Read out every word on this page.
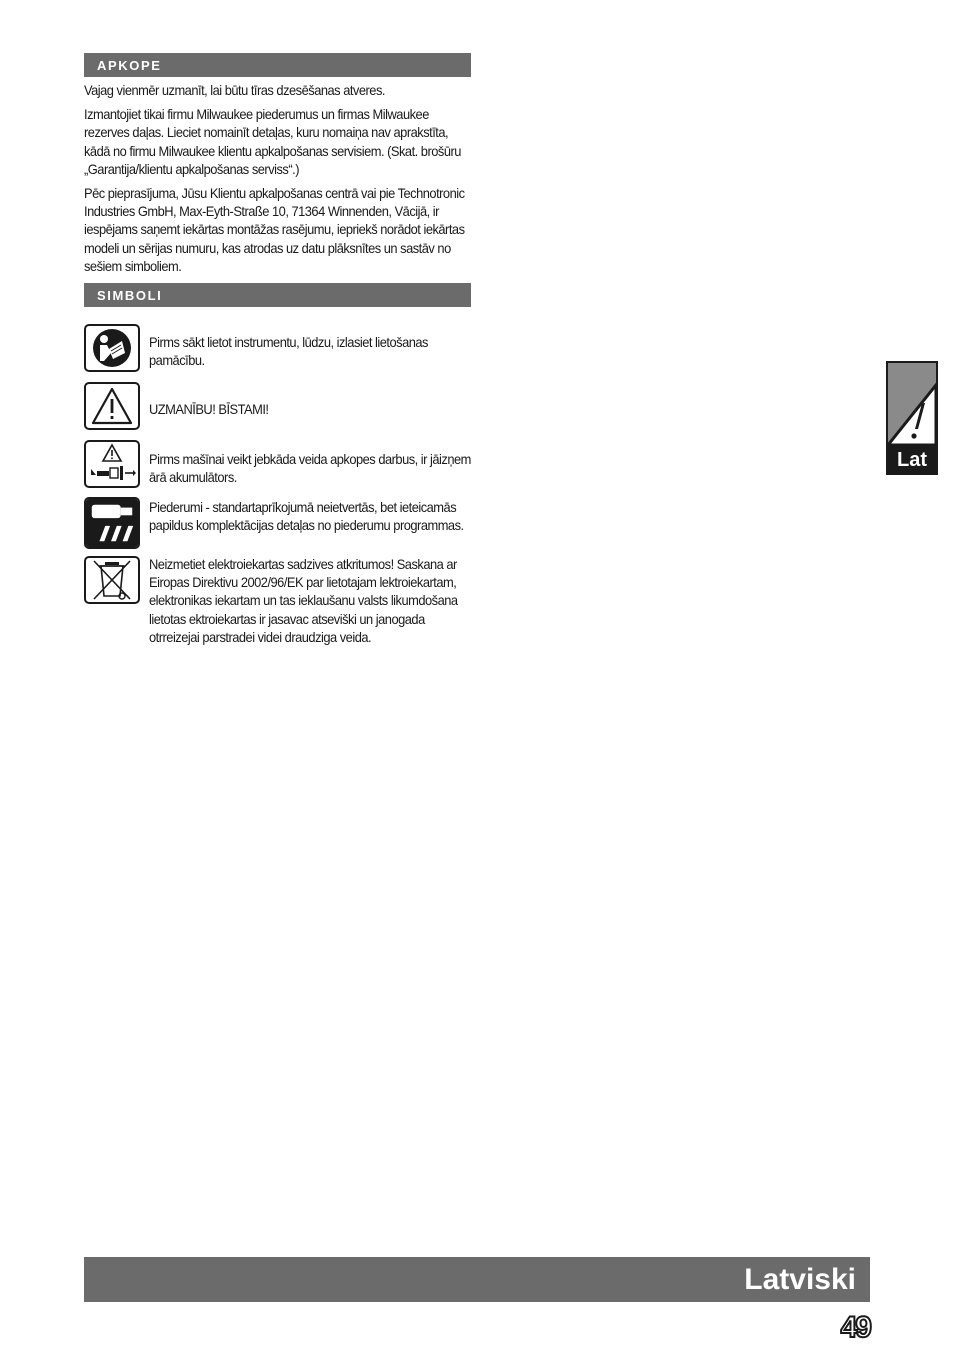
APKOPE

Vajag vienmēr uzmanīt, lai būtu tīras dzesēšanas atveres.

Izmantojiet tikai firmu Milwaukee piederumus un firmas Milwaukee rezerves daļas. Lieciet nomainīt detaļas, kuru nomaiņa nav aprakstīta, kādā no firmu Milwaukee klientu apkalpošanas servisiem. (Skat. brošūru „Garantija/klientu apkalpošanas serviss“.)

Pēc pieprasījuma, Jūsu Klientu apkalpošanas centrā vai pie Technotronic Industries GmbH, Max-Eyth-Straße 10, 71364 Winnenden, Vācijā, ir iespējams saņemt iekārtas montāžas rasējumu, iepriekš norādot iekārtas modeli un sērijas numuru, kas atrodas uz datu plāksnītes un sastāv no sešiem simboliem.

SIMBOLI
Pirms sākt lietot instrumentu, lūdzu, izlasiet lietošanas pamācību.
UZMANĪBU! BĪSTAMI!
Pirms mašīnai veikt jebkāda veida apkopes darbus, ir jāizņem ārā akumulātors.
Piederumi - standartaprīkojumā neietvertās, bet ieteicamās papildus komplektācijas detaļas no piederumu programmas.
Neizmetiet elektroiekartas sadzives atkritumos! Saskana ar Eiropas Direktivu 2002/96/EK par lietotajam lektroiekartam, elektronikas iekartam un tas ieklaušanu valsts likumdošana lietotas ektroiekartas ir jasavac atseviški un janogada otrreizejai parstradei videi draudziga veida.
Lat
Latviski
49
